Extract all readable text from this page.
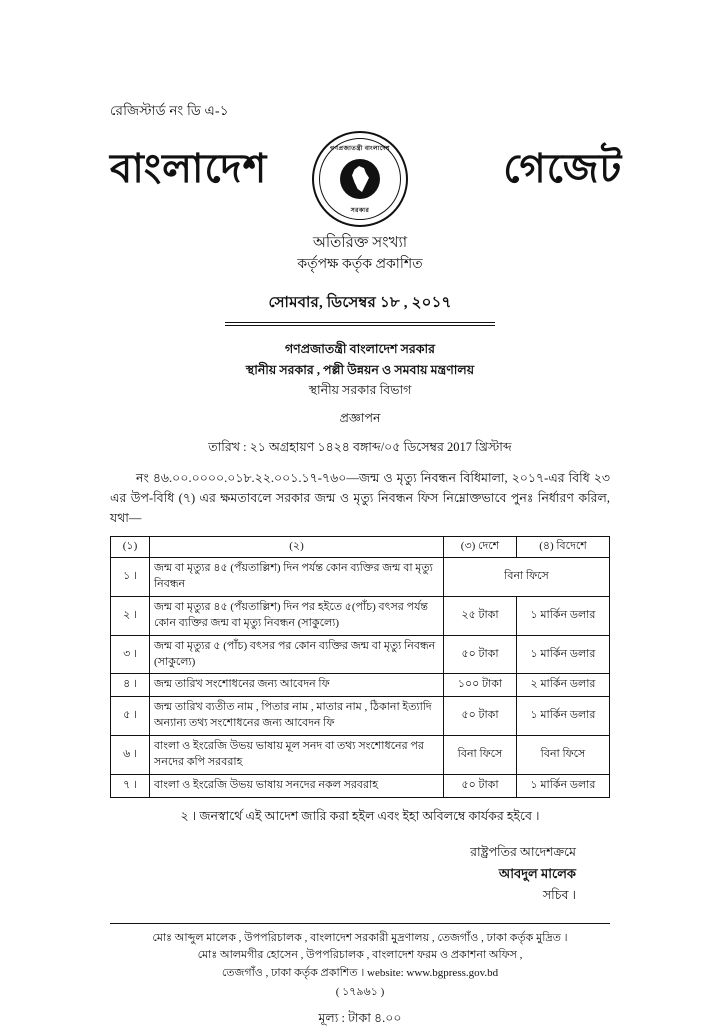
রেজিস্টার্ড নং ডি এ-১
গণপ্রজাতন্ত্রী বাংলাদেশ
সরকার
বাংলাদেশ	গেজেট
অতিরিক্ত সংখ্যা
কর্তৃপক্ষ কর্তৃক প্রকাশিত
সোমবার, ডিসেম্বর ১৮ , ২০১৭
গণপ্রজাতন্ত্রী বাংলাদেশ সরকার
স্থানীয় সরকার , পল্লী উন্নয়ন ও সমবায় মন্ত্রণালয়
স্থানীয় সরকার বিভাগ
প্রজ্ঞাপন
তারিখ : ২১ অগ্রহায়ণ ১৪২৪ বঙ্গাব্দ/০৫ ডিসেম্বর 2017 খ্রিস্টাব্দ
নং ৪৬.০০.০০০০.০১৮.২২.০০১.১৭-৭৬০—জন্ম ও মৃত্যু নিবন্ধন বিধিমালা, ২০১৭-এর বিধি ২৩ এর উপ-বিধি (৭) এর ক্ষমতাবলে সরকার জন্ম ও মৃত্যু নিবন্ধন ফিস নিম্নোক্তভাবে পুনঃ নির্ধারণ করিল, যথা—
(১)	(২)	(৩) দেশে	(৪) বিদেশে
১ ।	জন্ম বা মৃত্যুর ৪৫ (পঁয়তাল্লিশ) দিন পর্যন্ত কোন ব্যক্তির জন্ম বা মৃত্যু নিবন্ধন	বিনা ফিসে	
২ ।	জন্ম বা মৃত্যুর ৪৫ (পঁয়তাল্লিশ) দিন পর হইতে ৫(পাঁচ) বৎসর পর্যন্ত কোন ব্যক্তির জন্ম বা মৃত্যু নিবন্ধন (সাকুল্যে)	২৫ টাকা	১ মার্কিন ডলার
৩ ।	জন্ম বা মৃত্যুর ৫ (পাঁচ) বৎসর পর কোন ব্যক্তির জন্ম বা মৃত্যু নিবন্ধন (সাকুল্যে)	৫০ টাকা	১ মার্কিন ডলার
৪ ।	জন্ম তারিখ সংশোধনের জন্য আবেদন ফি	১০০ টাকা	২ মার্কিন ডলার
৫ ।	জন্ম তারিখ ব্যতীত নাম , পিতার নাম , মাতার নাম , ঠিকানা ইত্যাদি অন্যান্য তথ্য সংশোধনের জন্য আবেদন ফি	৫০ টাকা	১ মার্কিন ডলার
৬ ।	বাংলা ও ইংরেজি উভয় ভাষায় মূল সনদ বা তথ্য সংশোধনের পর সনদের কপি সরবরাহ	বিনা ফিসে	বিনা ফিসে
৭ ।	বাংলা ও ইংরেজি উভয় ভাষায় সনদের নকল সরবরাহ	৫০ টাকা	১ মার্কিন ডলার
২ । জনস্বার্থে এই আদেশ জারি করা হইল এবং ইহা অবিলম্বে কার্যকর হইবে ।
রাষ্ট্রপতির আদেশক্রমে
আবদুল মালেক
সচিব ।
মোঃ আব্দুল মালেক , উপপরিচালক , বাংলাদেশ সরকারী মুদ্রণালয় , তেজগাঁও , ঢাকা কর্তৃক মুদ্রিত ।
মোঃ আলমগীর হোসেন , উপপরিচালক , বাংলাদেশ ফরম ও প্রকাশনা অফিস ,
তেজগাঁও , ঢাকা কর্তৃক প্রকাশিত । website: www.bgpress.gov.bd
( ১৭৯৬১ )
মূল্য : টাকা ৪.০০
